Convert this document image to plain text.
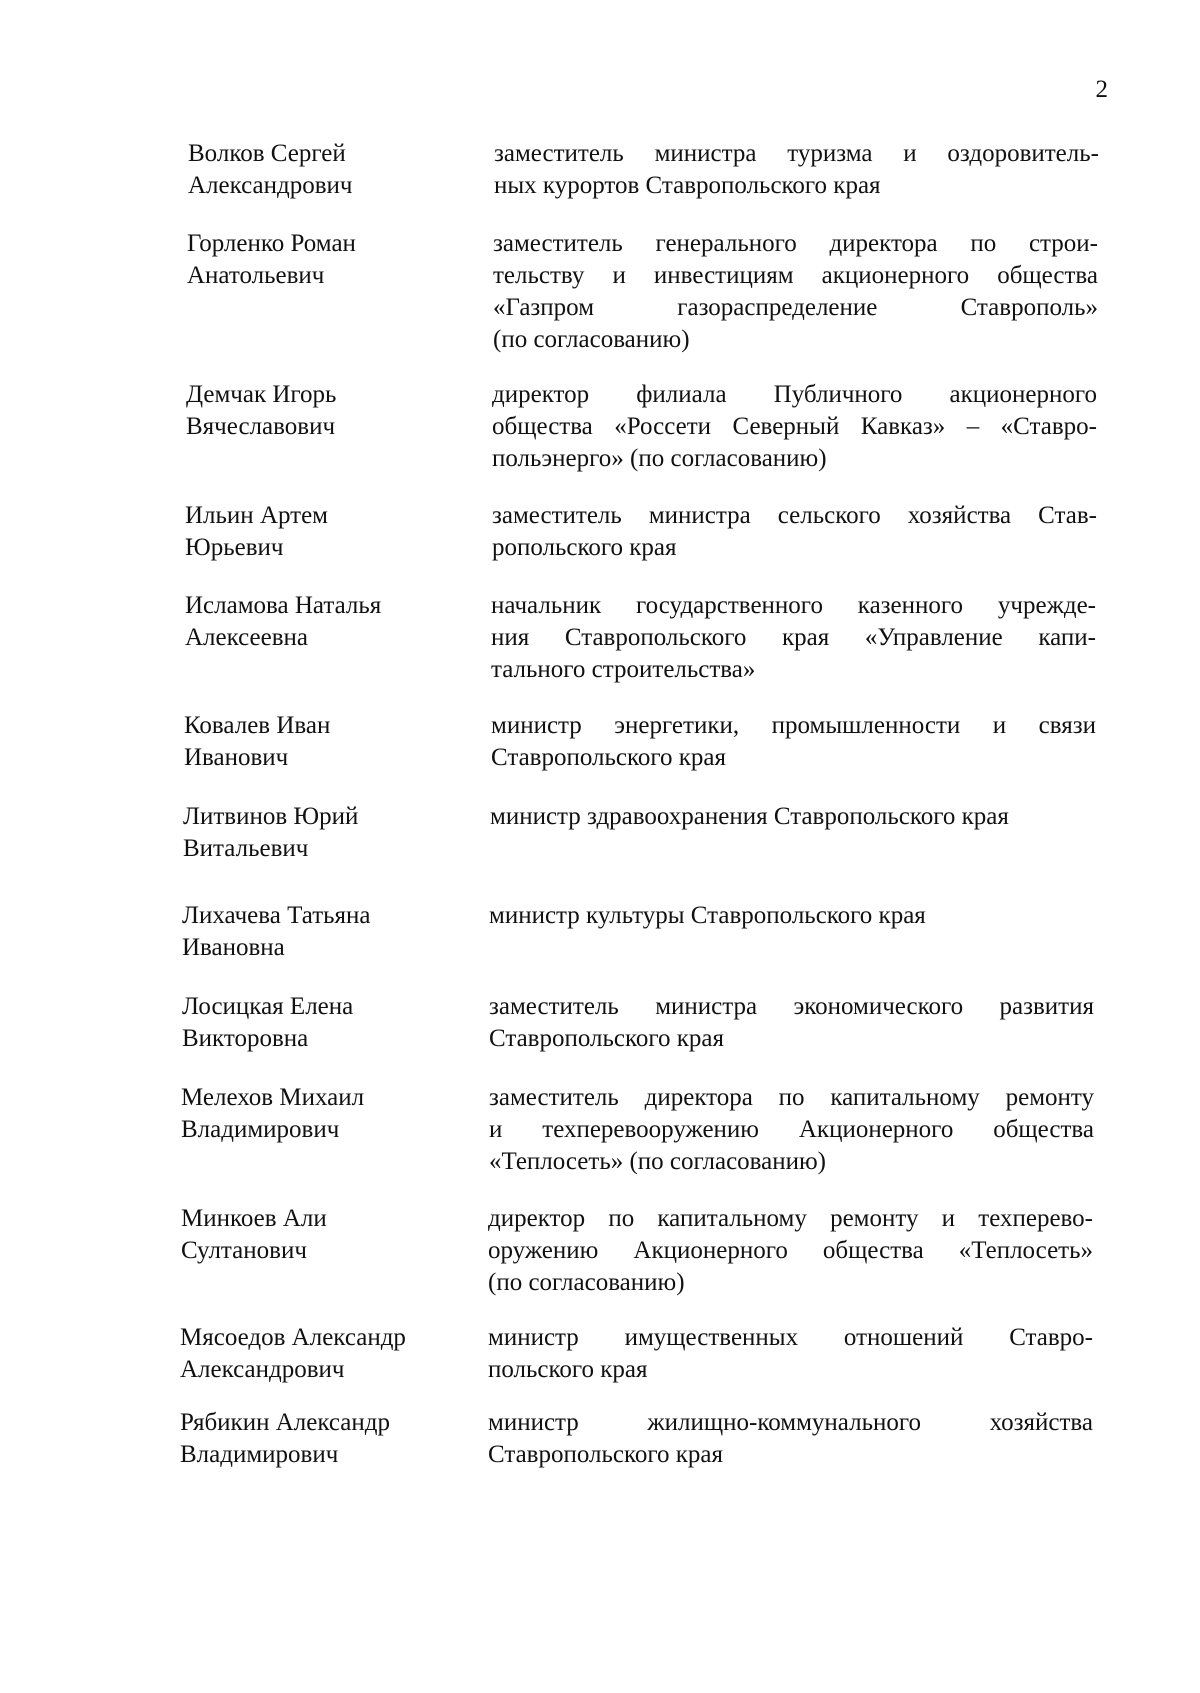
2
Волков Сергей
Александрович
заместитель министра туризма и оздоровитель-
ных курортов Ставропольского края
Горленко Роман
Анатольевич
заместитель генерального директора по строи-
тельству и инвестициям акционерного общества
«Газпром газораспределение Ставрополь»
(по согласованию)
Демчак Игорь
Вячеславович
директор филиала Публичного акционерного
общества «Россети Северный Кавказ» – «Ставро-
польэнерго» (по согласованию)
Ильин Артем
Юрьевич
заместитель министра сельского хозяйства Став-
ропольского края
Исламова Наталья
Алексеевна
начальник государственного казенного учрежде-
ния Ставропольского края «Управление капи-
тального строительства»
Ковалев Иван
Иванович
министр энергетики, промышленности и связи
Ставропольского края
Литвинов Юрий
Витальевич
министр здравоохранения Ставропольского края
Лихачева Татьяна
Ивановна
министр культуры Ставропольского края
Лосицкая Елена
Викторовна
заместитель министра экономического развития
Ставропольского края
Мелехов Михаил
Владимирович
заместитель директора по капитальному ремонту
и техперевооружению Акционерного общества
«Теплосеть» (по согласованию)
Минкоев Али
Султанович
директор по капитальному ремонту и техперево-
оружению Акционерного общества «Теплосеть»
(по согласованию)
Мясоедов Александр
Александрович
министр имущественных отношений Ставро-
польского края
Рябикин Александр
Владимирович
министр жилищно-коммунального хозяйства
Ставропольского края
